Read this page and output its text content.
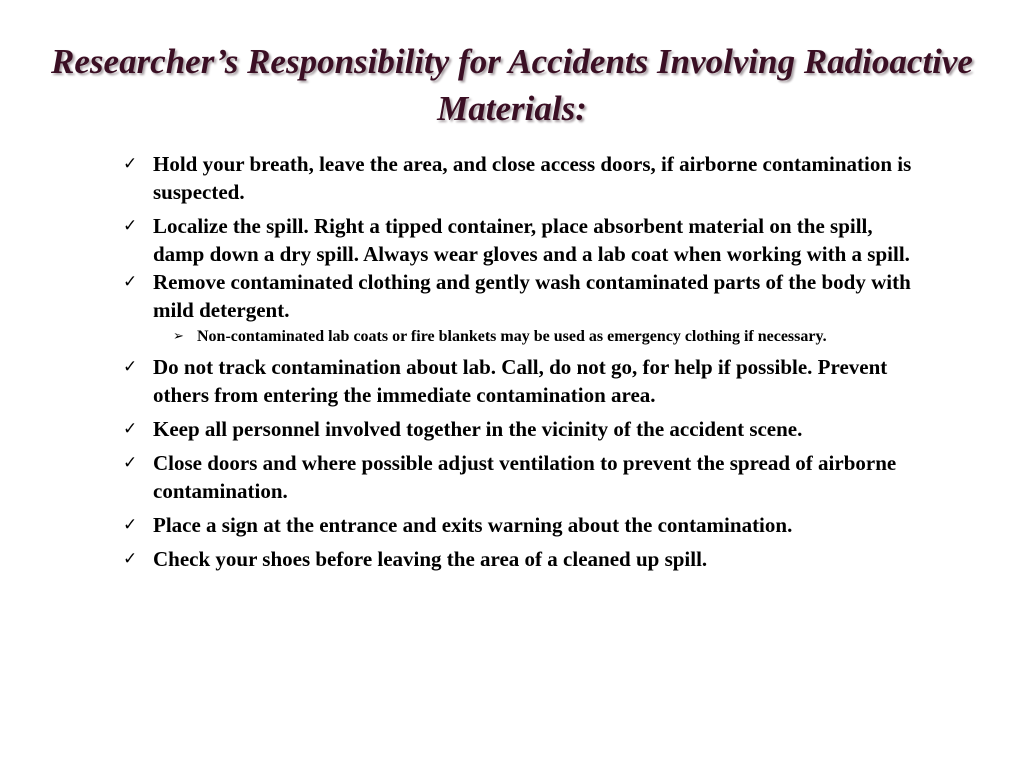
Researcher’s Responsibility for Accidents Involving Radioactive Materials:
✓ Hold your breath, leave the area, and close access doors, if airborne contamination is suspected.
✓ Localize the spill. Right a tipped container, place absorbent material on the spill, damp down a dry spill. Always wear gloves and a lab coat when working with a spill.
✓ Remove contaminated clothing and gently wash contaminated parts of the body with mild detergent.
➢ Non-contaminated lab coats or fire blankets may be used as emergency clothing if necessary.
✓ Do not track contamination about lab. Call, do not go, for help if possible. Prevent others from entering the immediate contamination area.
✓ Keep all personnel involved together in the vicinity of the accident scene.
✓ Close doors and where possible adjust ventilation to prevent the spread of airborne contamination.
✓ Place a sign at the entrance and exits warning about the contamination.
✓ Check your shoes before leaving the area of a cleaned up spill.
